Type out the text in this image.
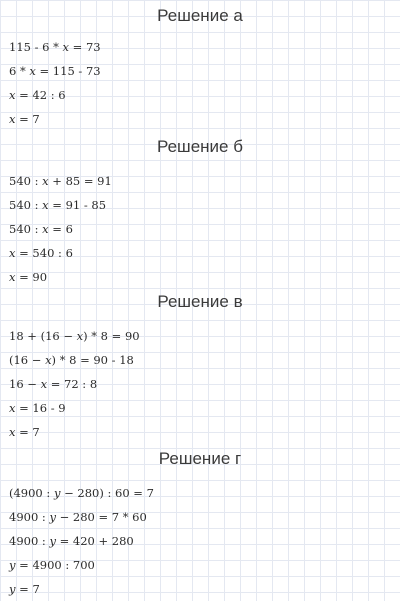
Решение а
115 - 6 * 𝑥 = 73
6 * 𝑥 = 115 - 73
𝑥 = 42 : 6
𝑥 = 7
Решение б
540 : 𝑥 + 85 = 91
540 : 𝑥 = 91 - 85
540 : 𝑥 = 6
𝑥 = 540 : 6
𝑥 = 90
Решение в
18 + (16 − 𝑥) * 8 = 90
(16 − 𝑥) * 8 = 90 - 18
16 − 𝑥 = 72 : 8
𝑥 = 16 - 9
𝑥 = 7
Решение г
(4900 : 𝑦 − 280) : 60 = 7
4900 : 𝑦 − 280 = 7 * 60
4900 : 𝑦 = 420 + 280
𝑦 = 4900 : 700
𝑦 = 7
